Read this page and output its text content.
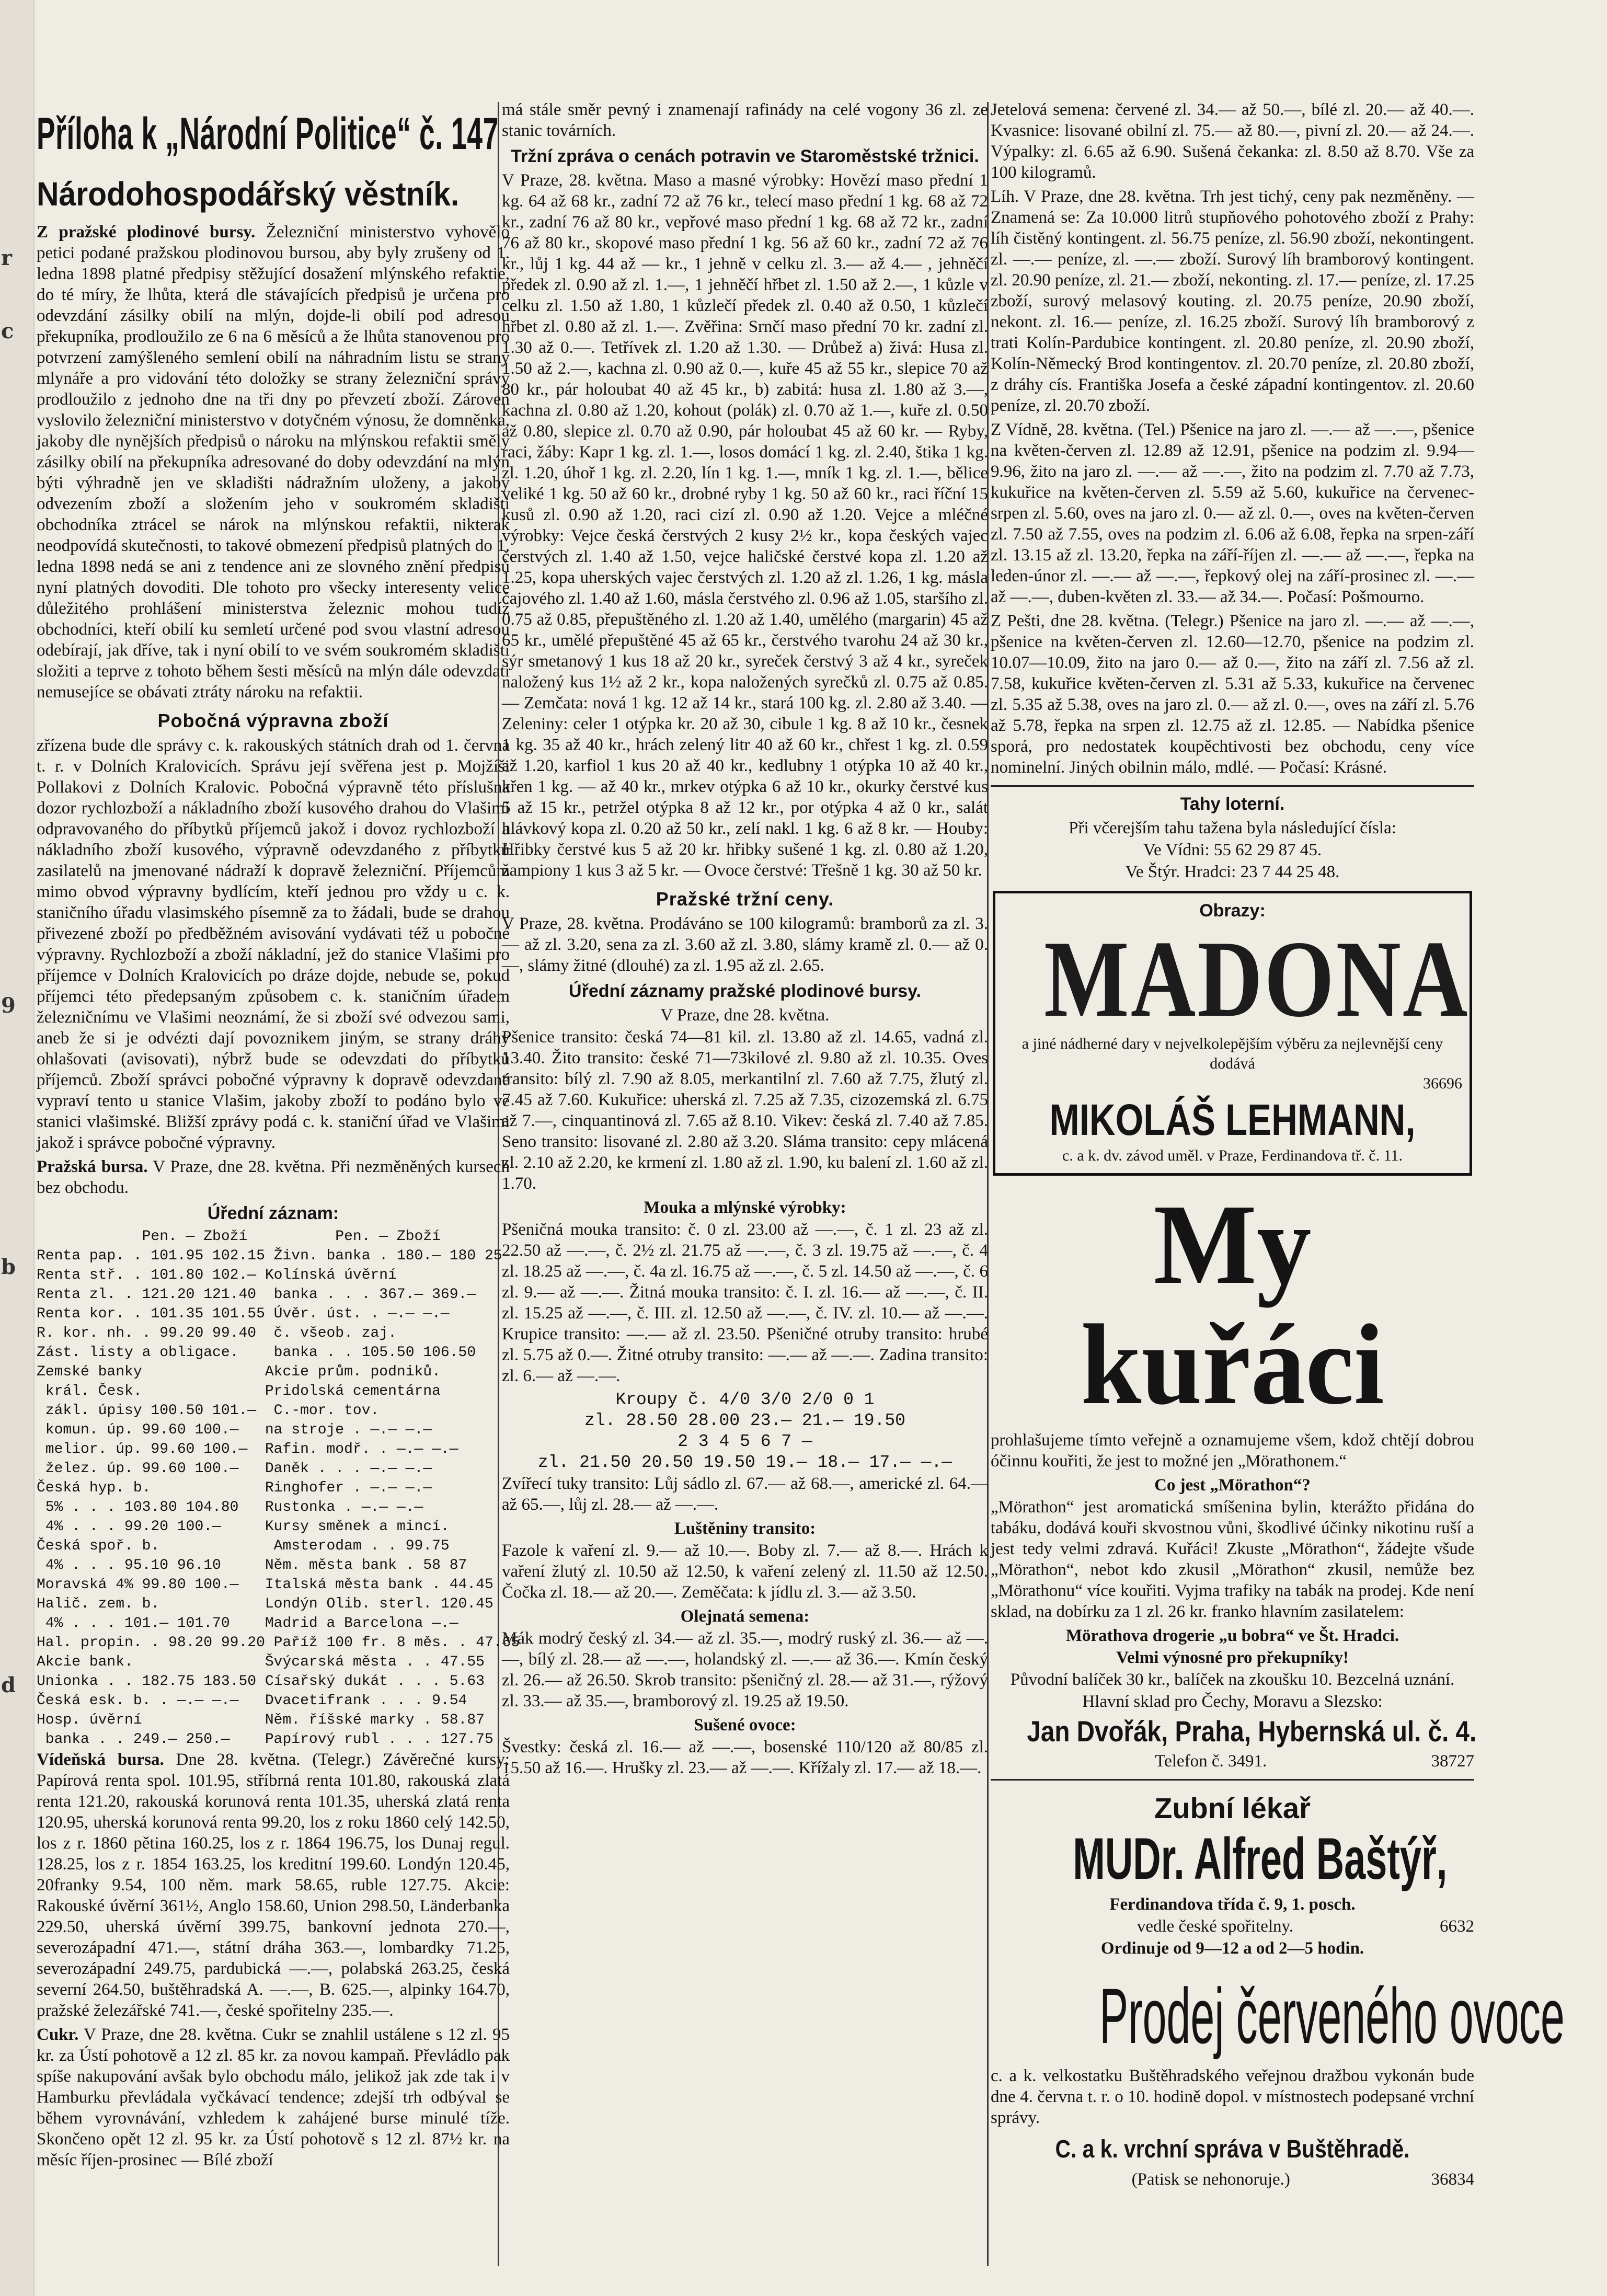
r
c
9
b
d
Příloha k „Národní Politice“ č. 147
Národohospodářský věstník.

Z pražské plodinové bursy. Železniční ministerstvo vyhovělo petici podané pražskou plodinovou bursou, aby byly zrušeny od 1. ledna 1898 platné předpisy stěžující dosažení mlýnského refaktie, do té míry, že lhůta, která dle stávajících předpisů je určena pro odevzdání zásilky obilí na mlýn, dojde-li obilí pod adresou překupníka, prodloužilo ze 6 na 6 měsíců a že lhůta stanovenou pro potvrzení zamýšleného semlení obilí na náhradním listu se strany mlynáře a pro vidování této doložky se strany železniční správy prodloužilo z jednoho dne na tři dny po převzetí zboží. Zároveň vyslovilo železniční ministerstvo v dotyčném výnosu, že domněnka, jakoby dle nynějších předpisů o nároku na mlýnskou refaktii směly zásilky obilí na překupníka adresované do doby odevzdání na mlýn býti výhradně jen ve skladišti nádražním uloženy, a jakoby odvezením zboží a složením jeho v soukromém skladišti obchodníka ztrácel se nárok na mlýnskou refaktii, nikterak neodpovídá skutečnosti, to takové obmezení předpisů platných do 1. ledna 1898 nedá se ani z tendence ani ze slovného znění předpisů nyní platných dovoditi. Dle tohoto pro všecky interesenty velice důležitého prohlášení ministerstva železnic mohou tudíž obchodníci, kteří obilí ku semletí určené pod svou vlastní adresou odebírají, jak dříve, tak i nyní obilí to ve svém soukromém skladišti složiti a teprve z tohoto během šesti měsíců na mlýn dále odevzdati nemusejíce se obávati ztráty nároku na refaktii.

Pobočná výpravna zboží

zřízena bude dle správy c. k. rakouských státních drah od 1. června t. r. v Dolních Kralovicích. Správu její svěřena jest p. Mojžíši Pollakovi z Dolních Kralovic. Pobočná výpravně této příslušna dozor rychlozboží a nákladního zboží kusového drahou do Vlašimi odpravovaného do příbytků příjemců jakož i dovoz rychlozboží a nákladního zboží kusového, výpravně odevzdaného z příbytků zasilatelů na jmenované nádraží k dopravě železniční. Příjemcům mimo obvod výpravny bydlícím, kteří jednou pro vždy u c. k. staničního úřadu vlasimského písemně za to žádali, bude se drahou přivezené zboží po předběžném avisování vydávati též u pobočné výpravny. Rychlozboží a zboží nákladní, jež do stanice Vlašimi pro příjemce v Dolních Kralovicích po dráze dojde, nebude se, pokud příjemci této předepsaným způsobem c. k. staničním úřadem železničnímu ve Vlašimi neoznámí, že si zboží své odvezou sami, aneb že si je odvézti dají povoznikem jiným, se strany dráhy ohlašovati (avisovati), nýbrž bude se odevzdati do příbytků příjemců. Zboží správci pobočné výpravny k dopravě odevzdané vypraví tento u stanice Vlašim, jakoby zboží to podáno bylo ve stanici vlašimské. Bližší zprávy podá c. k. staniční úřad ve Vlašimi jakož i správce pobočné výpravny.

Pražská bursa. V Praze, dne 28. května. Při nezměněných kursech bez obchodu.

Úřední záznam:
Pen. — Zboží          Pen. — Zboží
Renta pap. . 101.95 102.15 Živn. banka . 180.— 180 25
Renta stř. . 101.80 102.— Kolínská úvěrní
Renta zl. . 121.20 121.40  banka . . . 367.— 369.—
Renta kor. . 101.35 101.55 Úvěr. úst. . —.— —.—
R. kor. nh. . 99.20 99.40  č. všeob. zaj.
Zást. listy a obligace.    banka . . 105.50 106.50
Zemské banky              Akcie prům. podniků.
král. Česk.              Pridolská cementárna
zákl. úpisy 100.50 101.—  C.-mor. tov.
komun. úp. 99.60 100.—   na stroje . —.— —.—
melior. úp. 99.60 100.—  Rafin. modř. . —.— —.—
želez. úp. 99.60 100.—   Daněk . . . —.— —.—
Česká hyp. b.             Ringhofer . —.— —.—
5% . . . 103.80 104.80   Rustonka . —.— —.—
4% . . . 99.20 100.—     Kursy směnek a mincí.
Česká spoř. b.             Amsterodam . . 99.75
4% . . . 95.10 96.10     Něm. města bank . 58 87
Moravská 4% 99.80 100.—   Italská města bank . 44.45
Halič. zem. b.            Londýn Olib. sterl. 120.45
4% . . . 101.— 101.70    Madrid a Barcelona —.—
Hal. propin. . 98.20 99.20 Paříž 100 fr. 8 měs. . 47.65
Akcie bank.               Švýcarská města . . 47.55
Unionka . . 182.75 183.50 Císařský dukát . . . 5.63
Česká esk. b. . —.— —.—   Dvacetifrank . . . 9.54
Hosp. úvěrní              Něm. říšské marky . 58.87
banka . . 249.— 250.—    Papírový rubl . . . 127.75

Vídeňská bursa. Dne 28. května. (Telegr.) Závěrečné kursy: Papírová renta spol. 101.95, stříbrná renta 101.80, rakouská zlatá renta 121.20, rakouská korunová renta 101.35, uherská zlatá renta 120.95, uherská korunová renta 99.20, los z roku 1860 celý 142.50, los z r. 1860 pětina 160.25, los z r. 1864 196.75, los Dunaj regul. 128.25, los z r. 1854 163.25, los kreditní 199.60. Londýn 120.45, 20franky 9.54, 100 něm. mark 58.65, ruble 127.75. Akcie: Rakouské úvěrní 361½, Anglo 158.60, Union 298.50, Länderbanka 229.50, uherská úvěrní 399.75, bankovní jednota 270.—, severozápadní 471.—, státní dráha 363.—, lombardky 71.25, severozápadní 249.75, pardubická —.—, polabská 263.25, česká severní 264.50, buštěhradská A. —.—, B. 625.—, alpinky 164.70, pražské železářské 741.—, české spořitelny 235.—.

Cukr. V Praze, dne 28. května. Cukr se znahlil ustálene s 12 zl. 95 kr. za Ústí pohotově a 12 zl. 85 kr. za novou kampaň. Převládlo pak spíše nakupování avšak bylo obchodu málo, jelikož jak zde tak i v Hamburku převládala vyčkávací tendence; zdejší trh odbýval se během vyrovnávání, vzhledem k zahájené burse minulé tíže. Skončeno opět 12 zl. 95 kr. za Ústí pohotově s 12 zl. 87½ kr. na měsíc říjen-prosinec — Bílé zboží

má stále směr pevný i znamenají rafinády na celé vogony 36 zl. ze stanic továrních.

Tržní zpráva o cenách potravin ve Staroměstské tržnici.

V Praze, 28. května. Maso a masné výrobky: Hovězí maso přední 1 kg. 64 až 68 kr., zadní 72 až 76 kr., telecí maso přední 1 kg. 68 až 72 kr., zadní 76 až 80 kr., vepřové maso přední 1 kg. 68 až 72 kr., zadní 76 až 80 kr., skopové maso přední 1 kg. 56 až 60 kr., zadní 72 až 76 kr., lůj 1 kg. 44 až — kr., 1 jehně v celku zl. 3.— až 4.— , jehněčí předek zl. 0.90 až zl. 1.—, 1 jehněčí hřbet zl. 1.50 až 2.—, 1 kůzle v celku zl. 1.50 až 1.80, 1 kůzlečí předek zl. 0.40 až 0.50, 1 kůzlečí hřbet zl. 0.80 až zl. 1.—. Zvěřina: Srnčí maso přední 70 kr. zadní zl. 1.30 až 0.—. Tetřívek zl. 1.20 až 1.30. — Drůbež a) živá: Husa zl. 1.50 až 2.—, kachna zl. 0.90 až 0.—, kuře 45 až 55 kr., slepice 70 až 80 kr., pár holoubat 40 až 45 kr., b) zabitá: husa zl. 1.80 až 3.—, kachna zl. 0.80 až 1.20, kohout (polák) zl. 0.70 až 1.—, kuře zl. 0.50 až 0.80, slepice zl. 0.70 až 0.90, pár holoubat 45 až 60 kr. — Ryby, raci, žáby: Kapr 1 kg. zl. 1.—, losos domácí 1 kg. zl. 2.40, štika 1 kg. zl. 1.20, úhoř 1 kg. zl. 2.20, lín 1 kg. 1.—, mník 1 kg. zl. 1.—, bělice veliké 1 kg. 50 až 60 kr., drobné ryby 1 kg. 50 až 60 kr., raci říční 15 kusů zl. 0.90 až 1.20, raci cizí zl. 0.90 až 1.20. Vejce a mléčné výrobky: Vejce česká čerstvých 2 kusy 2½ kr., kopa českých vajec čerstvých zl. 1.40 až 1.50, vejce haličské čerstvé kopa zl. 1.20 až 1.25, kopa uherských vajec čerstvých zl. 1.20 až zl. 1.26, 1 kg. másla čajového zl. 1.40 až 1.60, másla čerstvého zl. 0.96 až 1.05, staršího zl. 0.75 až 0.85, přepuštěného zl. 1.20 až 1.40, umělého (margarin) 45 až 65 kr., umělé přepuštěné 45 až 65 kr., čerstvého tvarohu 24 až 30 kr., sýr smetanový 1 kus 18 až 20 kr., syreček čerstvý 3 až 4 kr., syreček naložený kus 1½ až 2 kr., kopa naložených syrečků zl. 0.75 až 0.85. — Zemčata: nová 1 kg. 12 až 14 kr., stará 100 kg. zl. 2.80 až 3.40. — Zeleniny: celer 1 otýpka kr. 20 až 30, cibule 1 kg. 8 až 10 kr., česnek 1 kg. 35 až 40 kr., hrách zelený litr 40 až 60 kr., chřest 1 kg. zl. 0.59 až 1.20, karfiol 1 kus 20 až 40 kr., kedlubny 1 otýpka 10 až 40 kr., křen 1 kg. — až 40 kr., mrkev otýpka 6 až 10 kr., okurky čerstvé kus 5 až 15 kr., petržel otýpka 8 až 12 kr., por otýpka 4 až 0 kr., salát hlávkový kopa zl. 0.20 až 50 kr., zelí nakl. 1 kg. 6 až 8 kr. — Houby: Hřibky čerstvé kus 5 až 20 kr. hřibky sušené 1 kg. zl. 0.80 až 1.20, žampiony 1 kus 3 až 5 kr. — Ovoce čerstvé: Třešně 1 kg. 30 až 50 kr.

Pražské tržní ceny.

V Praze, 28. května. Prodáváno se 100 kilogramů: bramborů za zl. 3.— až zl. 3.20, sena za zl. 3.60 až zl. 3.80, slámy kramě zl. 0.— až 0.—, slámy žitné (dlouhé) za zl. 1.95 až zl. 2.65.

Úřední záznamy pražské plodinové bursy.
V Praze, dne 28. května.

Pšenice transito: česká 74—81 kil. zl. 13.80 až zl. 14.65, vadná zl. 13.40. Žito transito: české 71—73kilové zl. 9.80 až zl. 10.35. Oves transito: bílý zl. 7.90 až 8.05, merkantilní zl. 7.60 až 7.75, žlutý zl. 7.45 až 7.60. Kukuřice: uherská zl. 7.25 až 7.35, cizozemská zl. 6.75 až 7.—, cinquantinová zl. 7.65 až 8.10. Vikev: česká zl. 7.40 až 7.85. Seno transito: lisované zl. 2.80 až 3.20. Sláma transito: cepy mlácená zl. 2.10 až 2.20, ke krmení zl. 1.80 až zl. 1.90, ku balení zl. 1.60 až zl. 1.70.

Mouka a mlýnské výrobky:

Pšeničná mouka transito: č. 0 zl. 23.00 až —.—, č. 1 zl. 23 až zl. 22.50 až —.—, č. 2½ zl. 21.75 až —.—, č. 3 zl. 19.75 až —.—, č. 4 zl. 18.25 až —.—, č. 4a zl. 16.75 až —.—, č. 5 zl. 14.50 až —.—, č. 6 zl. 9.— až —.—. Žitná mouka transito: č. I. zl. 16.— až —.—, č. II. zl. 15.25 až —.—, č. III. zl. 12.50 až —.—, č. IV. zl. 10.— až —.—. Krupice transito: —.— až zl. 23.50. Pšeničné otruby transito: hrubé zl. 5.75 až 0.—. Žitné otruby transito: —.— až —.—. Zadina transito: zl. 6.— až —.—.

Kroupy č. 4/0 3/0 2/0 0 1

zl. 28.50 28.00 23.— 21.— 19.50

2 3 4 5 6 7 —

zl. 21.50 20.50 19.50 19.— 18.— 17.— —.—

Zvířecí tuky transito: Lůj sádlo zl. 67.— až 68.—, americké zl. 64.— až 65.—, lůj zl. 28.— až —.—.

Luštěniny transito:

Fazole k vaření zl. 9.— až 10.—. Boby zl. 7.— až 8.—. Hrách k vaření žlutý zl. 10.50 až 12.50, k vaření zelený zl. 11.50 až 12.50. Čočka zl. 18.— až 20.—. Zeměčata: k jídlu zl. 3.— až 3.50.

Olejnatá semena:

Mák modrý český zl. 34.— až zl. 35.—, modrý ruský zl. 36.— až —.—, bílý zl. 28.— až —.—, holandský zl. —.— až 36.—. Kmín český zl. 26.— až 26.50. Skrob transito: pšeničný zl. 28.— až 31.—, rýžový zl. 33.— až 35.—, bramborový zl. 19.25 až 19.50.

Sušené ovoce:

Švestky: česká zl. 16.— až —.—, bosenské 110/120 až 80/85 zl. 15.50 až 16.—. Hrušky zl. 23.— až —.—. Křížaly zl. 17.— až 18.—.

Jetelová semena: červené zl. 34.— až 50.—, bílé zl. 20.— až 40.—. Kvasnice: lisované obilní zl. 75.— až 80.—, pivní zl. 20.— až 24.—. Výpalky: zl. 6.65 až 6.90. Sušená čekanka: zl. 8.50 až 8.70. Vše za 100 kilogramů.

Líh. V Praze, dne 28. května. Trh jest tichý, ceny pak nezměněny. — Znamená se: Za 10.000 litrů stupňového pohotového zboží z Prahy: líh čistěný kontingent. zl. 56.75 peníze, zl. 56.90 zboží, nekontingent. zl. —.— peníze, zl. —.— zboží. Surový líh bramborový kontingent. zl. 20.90 peníze, zl. 21.— zboží, nekonting. zl. 17.— peníze, zl. 17.25 zboží, surový melasový kouting. zl. 20.75 peníze, 20.90 zboží, nekont. zl. 16.— peníze, zl. 16.25 zboží. Surový líh bramborový z trati Kolín-Pardubice kontingent. zl. 20.80 peníze, zl. 20.90 zboží, Kolín-Německý Brod kontingentov. zl. 20.70 peníze, zl. 20.80 zboží, z dráhy cís. Františka Josefa a české západní kontingentov. zl. 20.60 peníze, zl. 20.70 zboží.

Z Vídně, 28. května. (Tel.) Pšenice na jaro zl. —.— až —.—, pšenice na květen-červen zl. 12.89 až 12.91, pšenice na podzim zl. 9.94—9.96, žito na jaro zl. —.— až —.—, žito na podzim zl. 7.70 až 7.73, kukuřice na květen-červen zl. 5.59 až 5.60, kukuřice na červenec-srpen zl. 5.60, oves na jaro zl. 0.— až zl. 0.—, oves na květen-červen zl. 7.50 až 7.55, oves na podzim zl. 6.06 až 6.08, řepka na srpen-září zl. 13.15 až zl. 13.20, řepka na září-říjen zl. —.— až —.—, řepka na leden-únor zl. —.— až —.—, řepkový olej na září-prosinec zl. —.— až —.—, duben-květen zl. 33.— až 34.—. Počasí: Pošmourno.

Z Pešti, dne 28. května. (Telegr.) Pšenice na jaro zl. —.— až —.—, pšenice na květen-červen zl. 12.60—12.70, pšenice na podzim zl. 10.07—10.09, žito na jaro 0.— až 0.—, žito na září zl. 7.56 až zl. 7.58, kukuřice květen-červen zl. 5.31 až 5.33, kukuřice na červenec zl. 5.35 až 5.38, oves na jaro zl. 0.— až zl. 0.—, oves na září zl. 5.76 až 5.78, řepka na srpen zl. 12.75 až zl. 12.85. — Nabídka pšenice sporá, pro nedostatek koupěchtivosti bez obchodu, ceny více nominelní. Jiných obilnin málo, mdlé. — Počasí: Krásné.

Tahy loterní.
Při včerejším tahu tažena byla následující čísla:
Ve Vídni: 55 62 29 87 45.
Ve Štýr. Hradci: 23 7 44 25 48.
Obrazy:
MADONA
a jiné nádherné dary v nejvelkolepějším výběru za nejlevnější ceny dodává
36696
MIKOLÁŠ LEHMANN,
c. a k. dv. závod uměl. v Praze, Ferdinandova tř. č. 11.
My kuřáci

prohlašujeme tímto veřejně a oznamujeme všem, kdož chtějí dobrou óčinnu kouřiti, že jest to možné jen „Mörathonem.“

Co jest „Mörathon“?

„Mörathon“ jest aromatická smíšenina bylin, kterážto přidána do tabáku, dodává kouři skvostnou vůni, škodlivé účinky nikotinu ruší a jest tedy velmi zdravá. Kuřáci! Zkuste „Mörathon“, žádejte všude „Mörathon“, nebot kdo zkusil „Mörathon“ zkusil, nemůže bez „Mörathonu“ více kouřiti. Vyjma trafiky na tabák na prodej. Kde není sklad, na dobírku za 1 zl. 26 kr. franko hlavním zasilatelem:

Mörathova drogerie „u bobra“ ve Št. Hradci.
Velmi výnosné pro překupníky!
Původní balíček 30 kr., balíček na zkoušku 10. Bezcelná uznání.
Hlavní sklad pro Čechy, Moravu a Slezsko:
Jan Dvořák, Praha, Hybernská ul. č. 4.
Telefon č. 3491.	38727
Zubní lékař
MUDr. Alfred Baštýř,
Ferdinandova třída č. 9, 1. posch.
vedle české spořitelny.	6632
Ordinuje od 9—12 a od 2—5 hodin.
Prodej červeného ovoce

c. a k. velkostatku Buštěhradského veřejnou dražbou vykonán bude dne 4. června t. r. o 10. hodině dopol. v místnostech podepsané vrchní správy.

C. a k. vrchní správa v Buštěhradě.
(Patisk se nehonoruje.)	36834
